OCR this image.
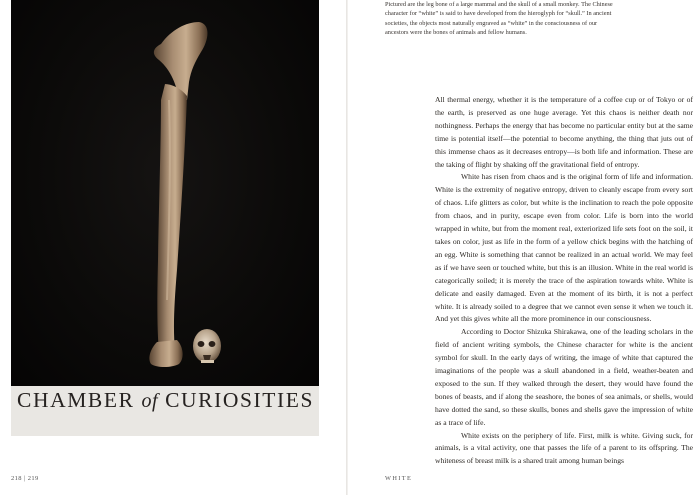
CHAMBER of CURIOSITIES
218 | 219

Pictured are the leg bone of a large mammal and the skull of a small monkey. The Chinese character for “white” is said to have developed from the hieroglyph for “skull.” In ancient societies, the objects most naturally engraved as “white” in the consciousness of our ancestors were the bones of animals and fellow humans.

All thermal energy, whether it is the temperature of a coffee cup or of Tokyo or of the earth, is preserved as one huge average. Yet this chaos is neither death nor nothingness. Perhaps the energy that has become no particular entity but at the same time is potential itself—the potential to become anything, the thing that juts out of this immense chaos as it decreases entropy—is both life and information. These are the taking of flight by shaking off the gravitational field of entropy.

White has risen from chaos and is the original form of life and information. White is the extremity of negative entropy, driven to cleanly escape from every sort of chaos. Life glitters as color, but white is the inclination to reach the pole opposite from chaos, and in purity, escape even from color. Life is born into the world wrapped in white, but from the moment real, exteriorized life sets foot on the soil, it takes on color, just as life in the form of a yellow chick begins with the hatching of an egg. White is something that cannot be realized in an actual world. We may feel as if we have seen or touched white, but this is an illusion. White in the real world is categorically soiled; it is merely the trace of the aspiration towards white. White is delicate and easily damaged. Even at the moment of its birth, it is not a perfect white. It is already soiled to a degree that we cannot even sense it when we touch it. And yet this gives white all the more prominence in our consciousness.

According to Doctor Shizuka Shirakawa, one of the leading scholars in the field of ancient writing symbols, the Chinese character for white is the ancient symbol for skull. In the early days of writing, the image of white that captured the imaginations of the people was a skull abandoned in a field, weather-beaten and exposed to the sun. If they walked through the desert, they would have found the bones of beasts, and if along the seashore, the bones of sea animals, or shells, would have dotted the sand, so these skulls, bones and shells gave the impression of white as a trace of life.

White exists on the periphery of life. First, milk is white. Giving suck, for animals, is a vital activity, one that passes the life of a parent to its offspring. The whiteness of breast milk is a shared trait among human beings

WHITE
